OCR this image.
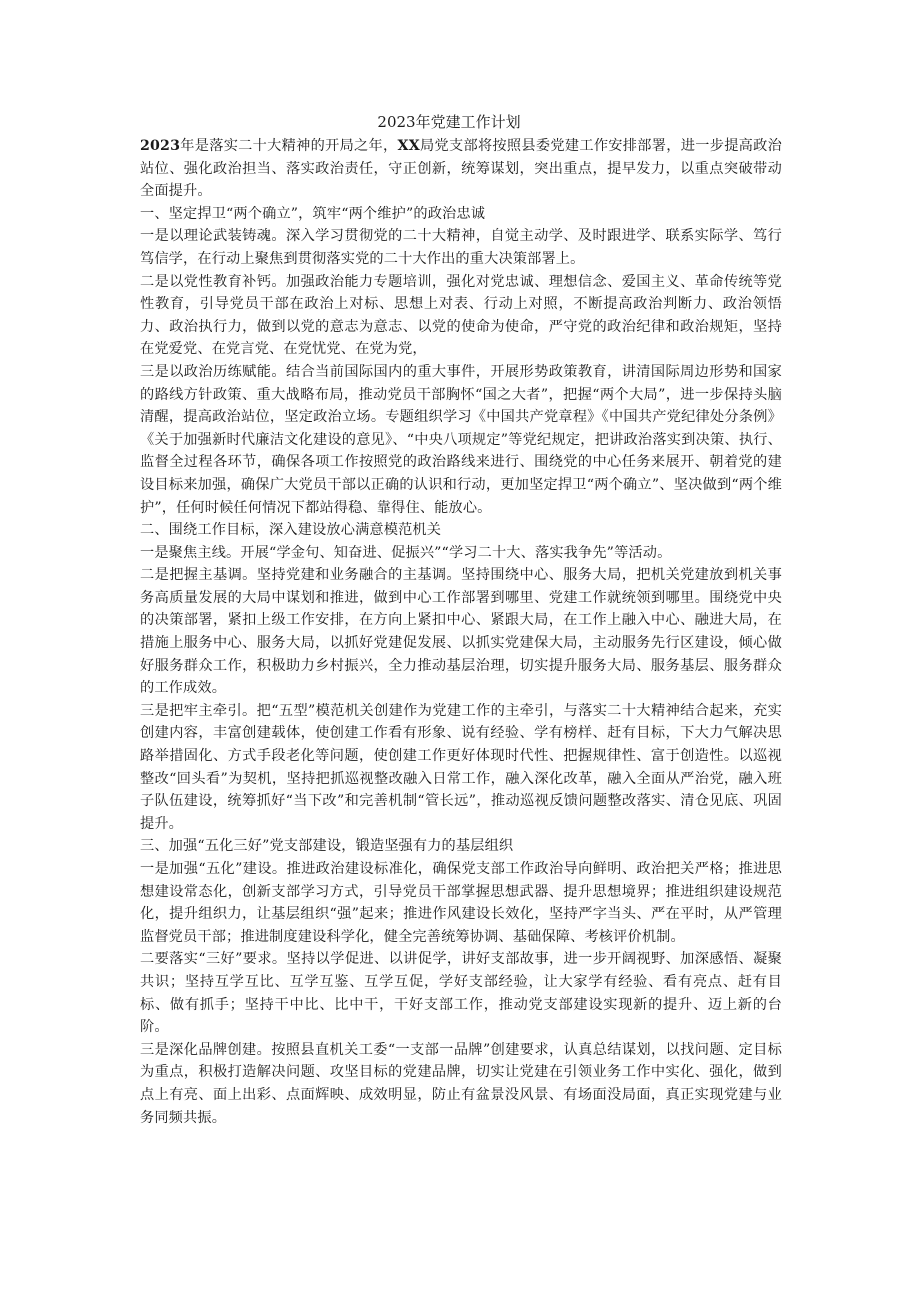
2023年党建工作计划

2023年是落实二十大精神的开局之年，XX局党支部将按照县委党建工作安排部署，进一步提高政治站位、强化政治担当、落实政治责任，守正创新，统筹谋划，突出重点，提早发力，以重点突破带动全面提升。

一、坚定捍卫“两个确立”，筑牢“两个维护”的政治忠诚

一是以理论武装铸魂。深入学习贯彻党的二十大精神，自觉主动学、及时跟进学、联系实际学、笃行笃信学，在行动上聚焦到贯彻落实党的二十大作出的重大决策部署上。

二是以党性教育补钙。加强政治能力专题培训，强化对党忠诚、理想信念、爱国主义、革命传统等党性教育，引导党员干部在政治上对标、思想上对表、行动上对照，不断提高政治判断力、政治领悟力、政治执行力，做到以党的意志为意志、以党的使命为使命，严守党的政治纪律和政治规矩，坚持在党爱党、在党言党、在党忧党、在党为党，

三是以政治历练赋能。结合当前国际国内的重大事件，开展形势政策教育，讲清国际周边形势和国家的路线方针政策、重大战略布局，推动党员干部胸怀“国之大者”，把握“两个大局”，进一步保持头脑清醒，提高政治站位，坚定政治立场。专题组织学习《中国共产党章程》《中国共产党纪律处分条例》《关于加强新时代廉洁文化建设的意见》、“中央八项规定”等党纪规定，把讲政治落实到决策、执行、监督全过程各环节，确保各项工作按照党的政治路线来进行、围绕党的中心任务来展开、朝着党的建设目标来加强，确保广大党员干部以正确的认识和行动，更加坚定捍卫“两个确立”、坚决做到“两个维护”，任何时候任何情况下都站得稳、靠得住、能放心。

二、围绕工作目标，深入建设放心满意模范机关

一是聚焦主线。开展“学金句、知奋进、促振兴”“学习二十大、落实我争先”等活动。

二是把握主基调。坚持党建和业务融合的主基调。坚持围绕中心、服务大局，把机关党建放到机关事务高质量发展的大局中谋划和推进，做到中心工作部署到哪里、党建工作就统领到哪里。围绕党中央的决策部署，紧扣上级工作安排，在方向上紧扣中心、紧跟大局，在工作上融入中心、融进大局，在措施上服务中心、服务大局，以抓好党建促发展、以抓实党建保大局，主动服务先行区建设，倾心做好服务群众工作，积极助力乡村振兴，全力推动基层治理，切实提升服务大局、服务基层、服务群众的工作成效。

三是把牢主牵引。把“五型”模范机关创建作为党建工作的主牵引，与落实二十大精神结合起来，充实创建内容，丰富创建载体，使创建工作看有形象、说有经验、学有榜样、赶有目标，下大力气解决思路举措固化、方式手段老化等问题，使创建工作更好体现时代性、把握规律性、富于创造性。以巡视整改“回头看”为契机，坚持把抓巡视整改融入日常工作，融入深化改革，融入全面从严治党，融入班子队伍建设，统筹抓好“当下改”和完善机制“管长远”，推动巡视反馈问题整改落实、清仓见底、巩固提升。

三、加强“五化三好”党支部建设，锻造坚强有力的基层组织

一是加强“五化”建设。推进政治建设标准化，确保党支部工作政治导向鲜明、政治把关严格；推进思想建设常态化，创新支部学习方式，引导党员干部掌握思想武器、提升思想境界；推进组织建设规范化，提升组织力，让基层组织“强”起来；推进作风建设长效化，坚持严字当头、严在平时，从严管理监督党员干部；推进制度建设科学化，健全完善统筹协调、基础保障、考核评价机制。

二要落实“三好”要求。坚持以学促进、以讲促学，讲好支部故事，进一步开阔视野、加深感悟、凝聚共识；坚持互学互比、互学互鉴、互学互促，学好支部经验，让大家学有经验、看有亮点、赶有目标、做有抓手；坚持干中比、比中干，干好支部工作，推动党支部建设实现新的提升、迈上新的台阶。

三是深化品牌创建。按照县直机关工委“一支部一品牌”创建要求，认真总结谋划，以找问题、定目标为重点，积极打造解决问题、攻坚目标的党建品牌，切实让党建在引领业务工作中实化、强化，做到点上有亮、面上出彩、点面辉映、成效明显，防止有盆景没风景、有场面没局面，真正实现党建与业务同频共振。
